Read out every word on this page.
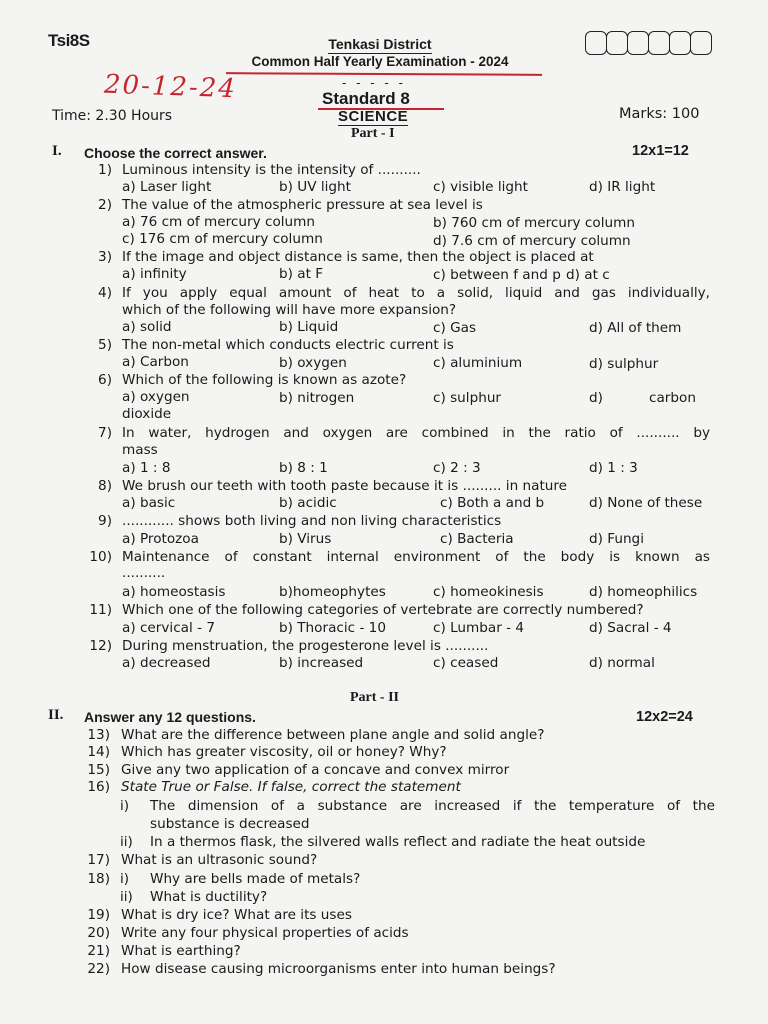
Tsi8S	Tenkasi District
Common Half Yearly Examination - 2024
20-12-24	- - - - -
Standard 8
Time: 2.30 Hours	SCIENCE	Marks: 100
Part - I
I. Choose the correct answer.	12x1=12
1) Luminous intensity is the intensity of ..........
a) Laser light	b) UV light	c) visible light	d) IR light
2) The value of the atmospheric pressure at sea level is
a) 76 cm of mercury column	b) 760 cm of mercury column
c) 176 cm of mercury column	d) 7.6 cm of mercury column
3) If the image and object distance is same, then the object is placed at
a) infinity	b) at F	c) between f and p d) at c
4) If you apply equal amount of heat to a solid, liquid and gas individually,
which of the following will have more expansion?
a) solid	b) Liquid	c) Gas	d) All of them
5) The non-metal which conducts electric current is
a) Carbon	b) oxygen	c) aluminium	d) sulphur
6) Which of the following is known as azote?
a) oxygen	b) nitrogen	c) sulphur	d)	carbon
dioxide
7) In water, hydrogen and oxygen are combined in the ratio of .......... by
mass
a) 1 : 8	b) 8 : 1	c) 2 : 3	d) 1 : 3
8) We brush our teeth with tooth paste because it is ......... in nature
a) basic	b) acidic	c) Both a and b	d) None of these
9) ............ shows both living and non living characteristics
a) Protozoa	b) Virus	c) Bacteria	d) Fungi
10) Maintenance of constant internal environment of the body is known as
..........
a) homeostasis	b)homeophytes	c) homeokinesis	d) homeophilics
11) Which one of the following categories of vertebrate are correctly numbered?
a) cervical - 7	b) Thoracic - 10	c) Lumbar - 4	d) Sacral - 4
12) During menstruation, the progesterone level is ..........
a) decreased	b) increased	c) ceased	d) normal
Part - II
II. Answer any 12 questions.	12x2=24
13) What are the difference between plane angle and solid angle?
14) Which has greater viscosity, oil or honey? Why?
15) Give any two application of a concave and convex mirror
16) State True or False. If false, correct the statement
i) The dimension of a substance are increased if the temperature of the
substance is decreased
ii) In a thermos flask, the silvered walls reflect and radiate the heat outside
17) What is an ultrasonic sound?
18) i) Why are bells made of metals?
ii) What is ductility?
19) What is dry ice? What are its uses
20) Write any four physical properties of acids
21) What is earthing?
22) How disease causing microorganisms enter into human beings?
